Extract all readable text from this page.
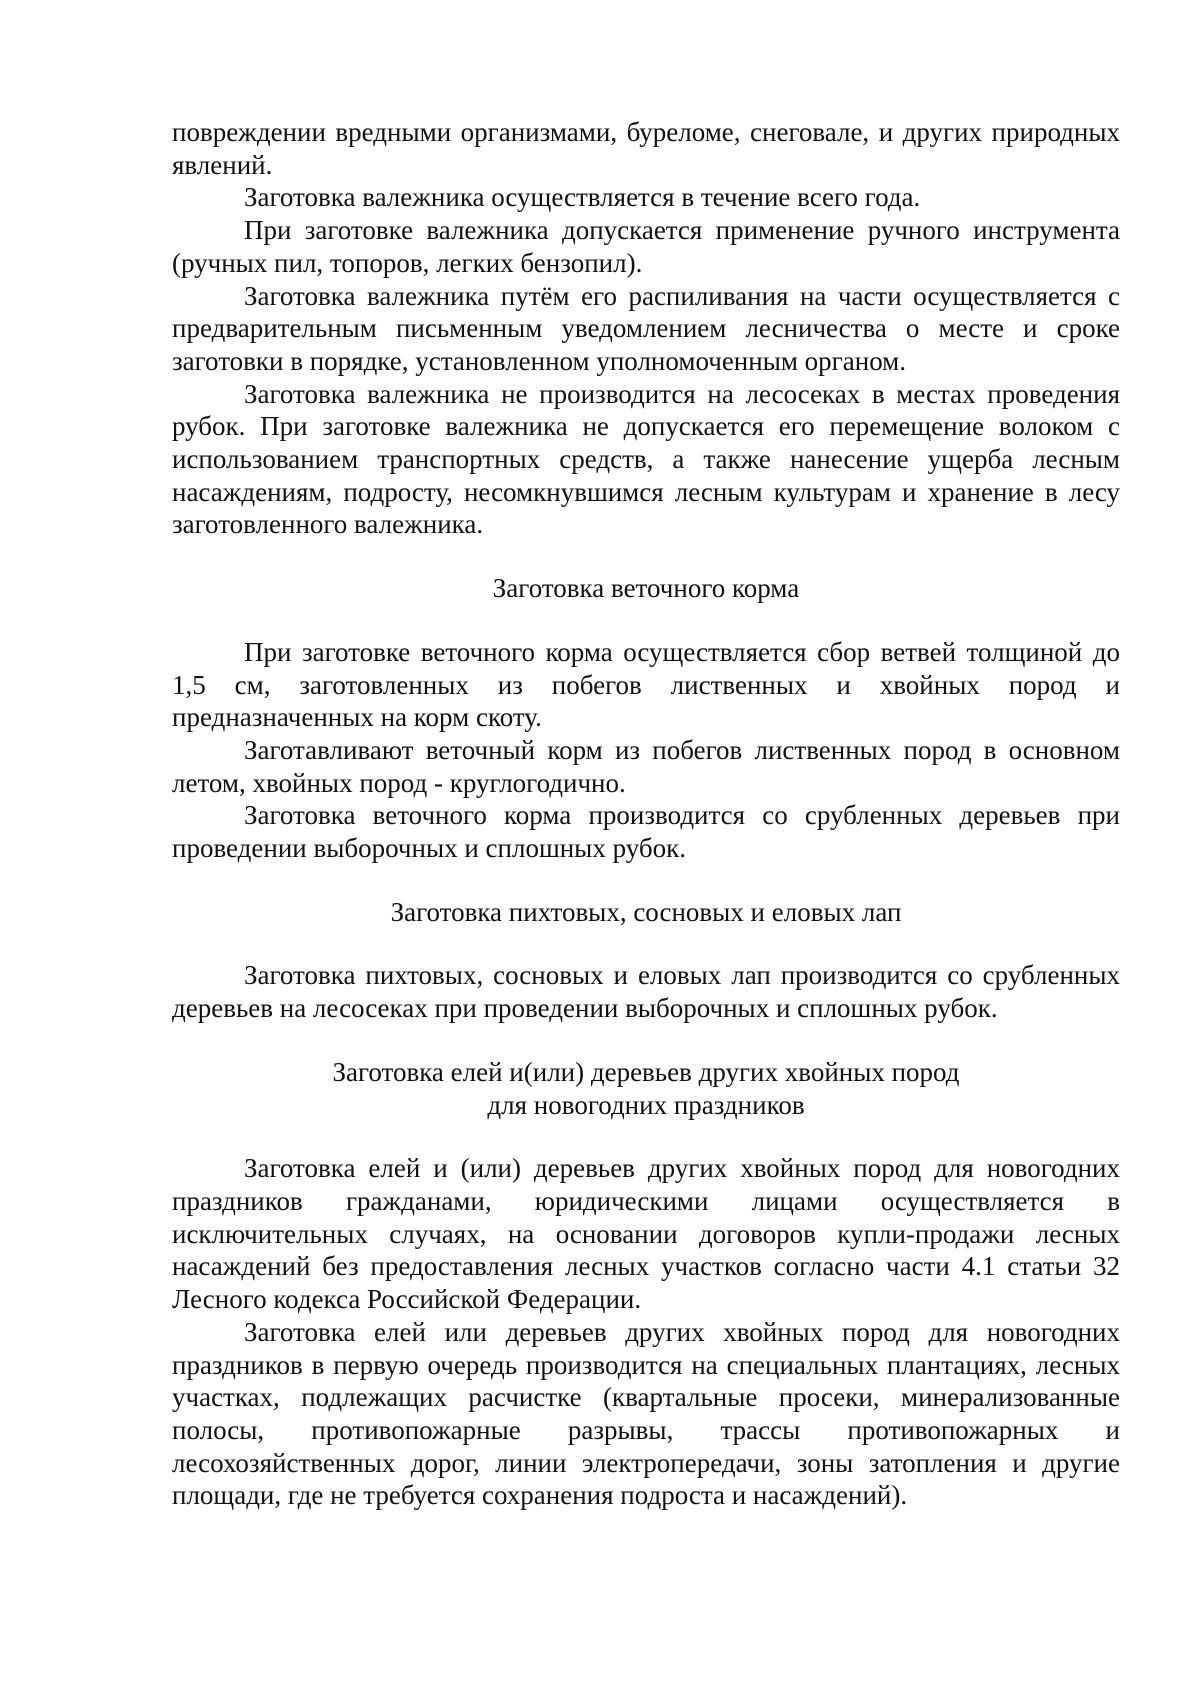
повреждении вредными организмами, буреломе, снеговале, и других природных явлений.

Заготовка валежника осуществляется в течение всего года.

При заготовке валежника допускается применение ручного инструмента (ручных пил, топоров, легких бензопил).

Заготовка валежника путём его распиливания на части осуществляется с предварительным письменным уведомлением лесничества о месте и сроке заготовки в порядке, установленном уполномоченным органом.

Заготовка валежника не производится на лесосеках в местах проведения рубок. При заготовке валежника не допускается его перемещение волоком с использованием транспортных средств, а также нанесение ущерба лесным насаждениям, подросту, несомкнувшимся лесным культурам и хранение в лесу заготовленного валежника.

Заготовка веточного корма

При заготовке веточного корма осуществляется сбор ветвей толщиной до 1,5 см, заготовленных из побегов лиственных и хвойных пород и предназначенных на корм скоту.

Заготавливают веточный корм из побегов лиственных пород в основном летом, хвойных пород - круглогодично.

Заготовка веточного корма производится со срубленных деревьев при проведении выборочных и сплошных рубок.

Заготовка пихтовых, сосновых и еловых лап

Заготовка пихтовых, сосновых и еловых лап производится со срубленных деревьев на лесосеках при проведении выборочных и сплошных рубок.

Заготовка елей и(или) деревьев других хвойных пород
для новогодних праздников

Заготовка елей и (или) деревьев других хвойных пород для новогодних праздников гражданами, юридическими лицами осуществляется в исключительных случаях, на основании договоров купли-продажи лесных насаждений без предоставления лесных участков согласно части 4.1 статьи 32 Лесного кодекса Российской Федерации.

Заготовка елей или деревьев других хвойных пород для новогодних праздников в первую очередь производится на специальных плантациях, лесных участках, подлежащих расчистке (квартальные просеки, минерализованные полосы, противопожарные разрывы, трассы противопожарных и лесохозяйственных дорог, линии электропередачи, зоны затопления и другие площади, где не требуется сохранения подроста и насаждений).
